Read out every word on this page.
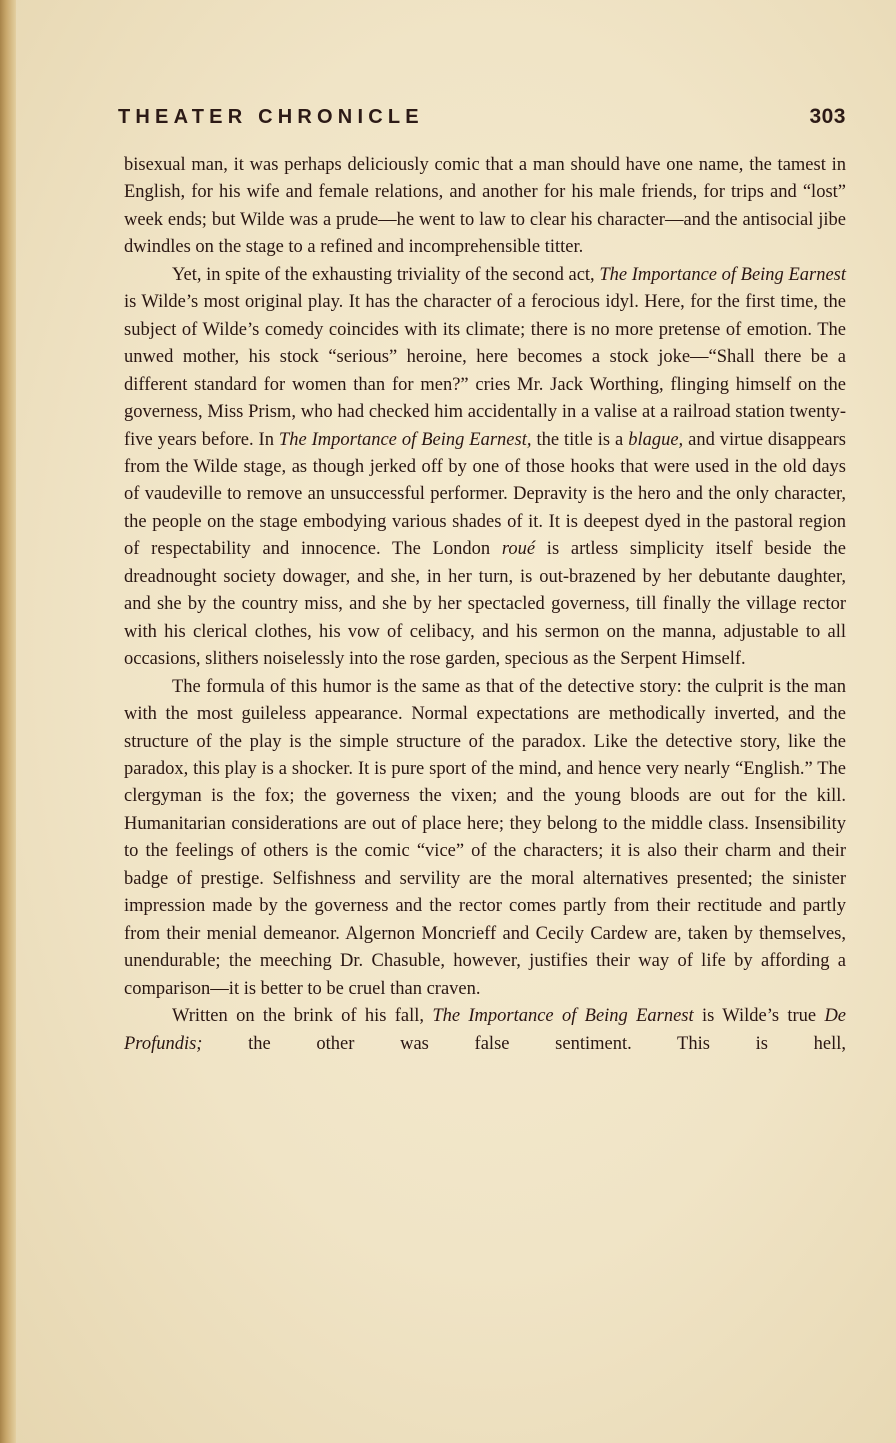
THEATER CHRONICLE	303

bisexual man, it was perhaps deliciously comic that a man should have one name, the tamest in English, for his wife and female relations, and another for his male friends, for trips and “lost” week ends; but Wilde was a prude—he went to law to clear his character—and the antisocial jibe dwindles on the stage to a refined and incomprehensible titter.

Yet, in spite of the exhausting triviality of the second act, The Importance of Being Earnest is Wilde’s most original play. It has the character of a ferocious idyl. Here, for the first time, the subject of Wilde’s comedy coincides with its climate; there is no more pretense of emotion. The unwed mother, his stock “serious” heroine, here becomes a stock joke—“Shall there be a different standard for women than for men?” cries Mr. Jack Worthing, flinging himself on the governess, Miss Prism, who had checked him accidentally in a valise at a railroad station twenty-five years before. In The Importance of Being Earnest, the title is a blague, and virtue disappears from the Wilde stage, as though jerked off by one of those hooks that were used in the old days of vaudeville to remove an unsuccessful performer. Depravity is the hero and the only character, the people on the stage embodying various shades of it. It is deepest dyed in the pastoral region of respectability and innocence. The London roué is artless simplicity itself beside the dreadnought society dowager, and she, in her turn, is out-brazened by her debutante daughter, and she by the country miss, and she by her spectacled governess, till finally the village rector with his clerical clothes, his vow of celibacy, and his sermon on the manna, adjustable to all occasions, slithers noiselessly into the rose garden, specious as the Serpent Himself.

The formula of this humor is the same as that of the detective story: the culprit is the man with the most guileless appearance. Normal expectations are methodically inverted, and the structure of the play is the simple structure of the paradox. Like the detective story, like the paradox, this play is a shocker. It is pure sport of the mind, and hence very nearly “English.” The clergyman is the fox; the governess the vixen; and the young bloods are out for the kill. Humanitarian considerations are out of place here; they belong to the middle class. Insensibility to the feelings of others is the comic “vice” of the characters; it is also their charm and their badge of prestige. Selfishness and servility are the moral alternatives presented; the sinister impression made by the governess and the rector comes partly from their rectitude and partly from their menial demeanor. Algernon Moncrieff and Cecily Cardew are, taken by themselves, unendurable; the meeching Dr. Chasuble, however, justifies their way of life by affording a comparison—it is better to be cruel than craven.

Written on the brink of his fall, The Importance of Being Earnest is Wilde’s true De Profundis; the other was false sentiment. This is hell,
